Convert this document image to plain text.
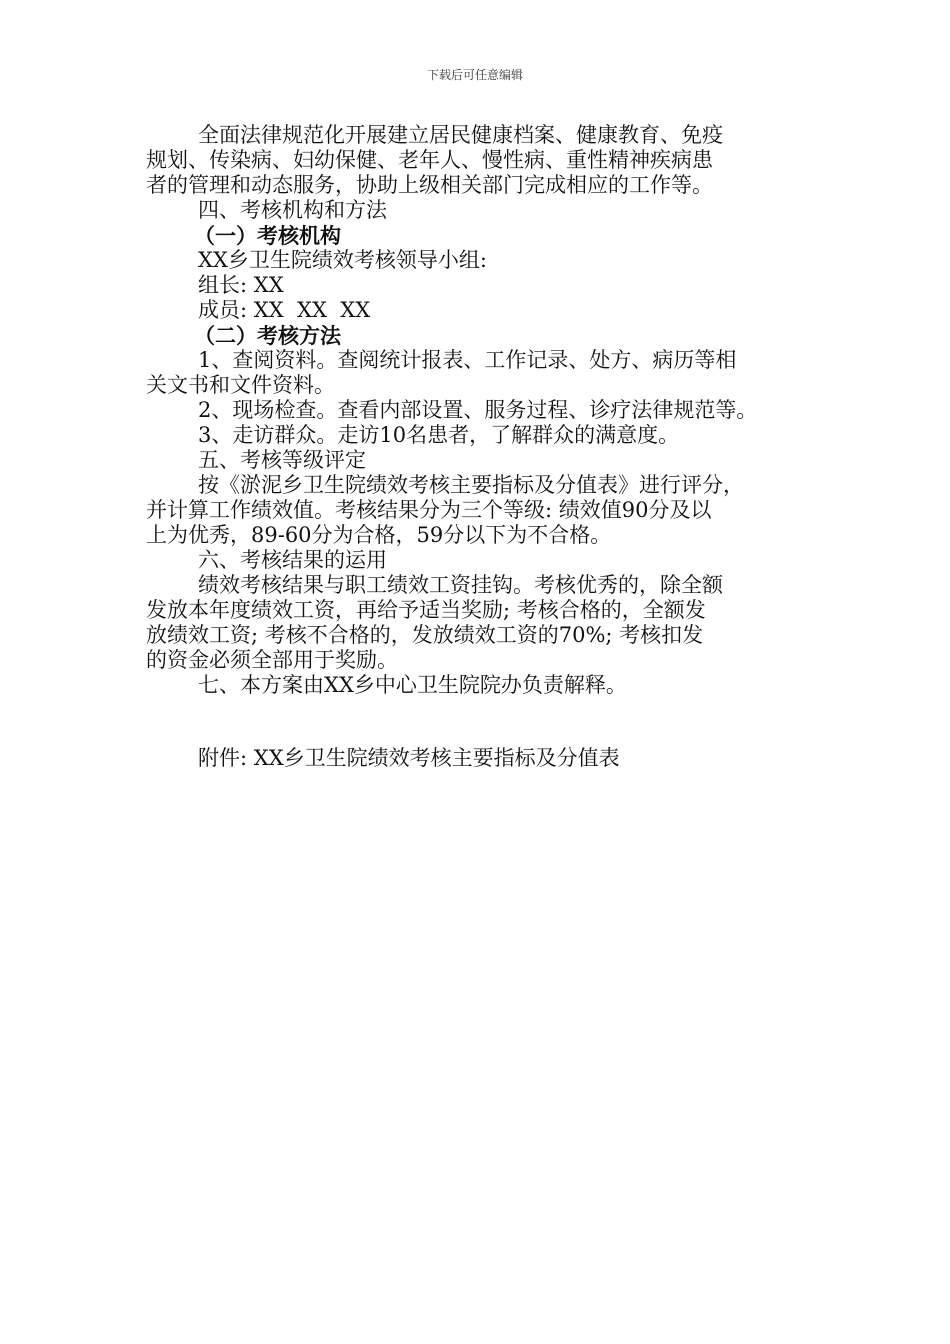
下载后可任意编辑
全面法律规范化开展建立居民健康档案、健康教育、免疫
规划、传染病、妇幼保健、老年人、慢性病、重性精神疾病患
者的管理和动态服务，协助上级相关部门完成相应的工作等。
四、考核机构和方法
（一）考核机构
XX乡卫生院绩效考核领导小组:
组长: XX
成员: XX  XX  XX
（二）考核方法
1、查阅资料。查阅统计报表、工作记录、处方、病历等相
关文书和文件资料。
2、现场检查。查看内部设置、服务过程、诊疗法律规范等。
3、走访群众。走访10名患者，了解群众的满意度。
五、考核等级评定
按《淤泥乡卫生院绩效考核主要指标及分值表》进行评分，
并计算工作绩效值。考核结果分为三个等级: 绩效值90分及以
上为优秀，89-60分为合格，59分以下为不合格。
六、考核结果的运用
绩效考核结果与职工绩效工资挂钩。考核优秀的，除全额
发放本年度绩效工资，再给予适当奖励; 考核合格的，全额发
放绩效工资; 考核不合格的，发放绩效工资的70%; 考核扣发
的资金必须全部用于奖励。
七、本方案由XX乡中心卫生院院办负责解释。
附件: XX乡卫生院绩效考核主要指标及分值表
